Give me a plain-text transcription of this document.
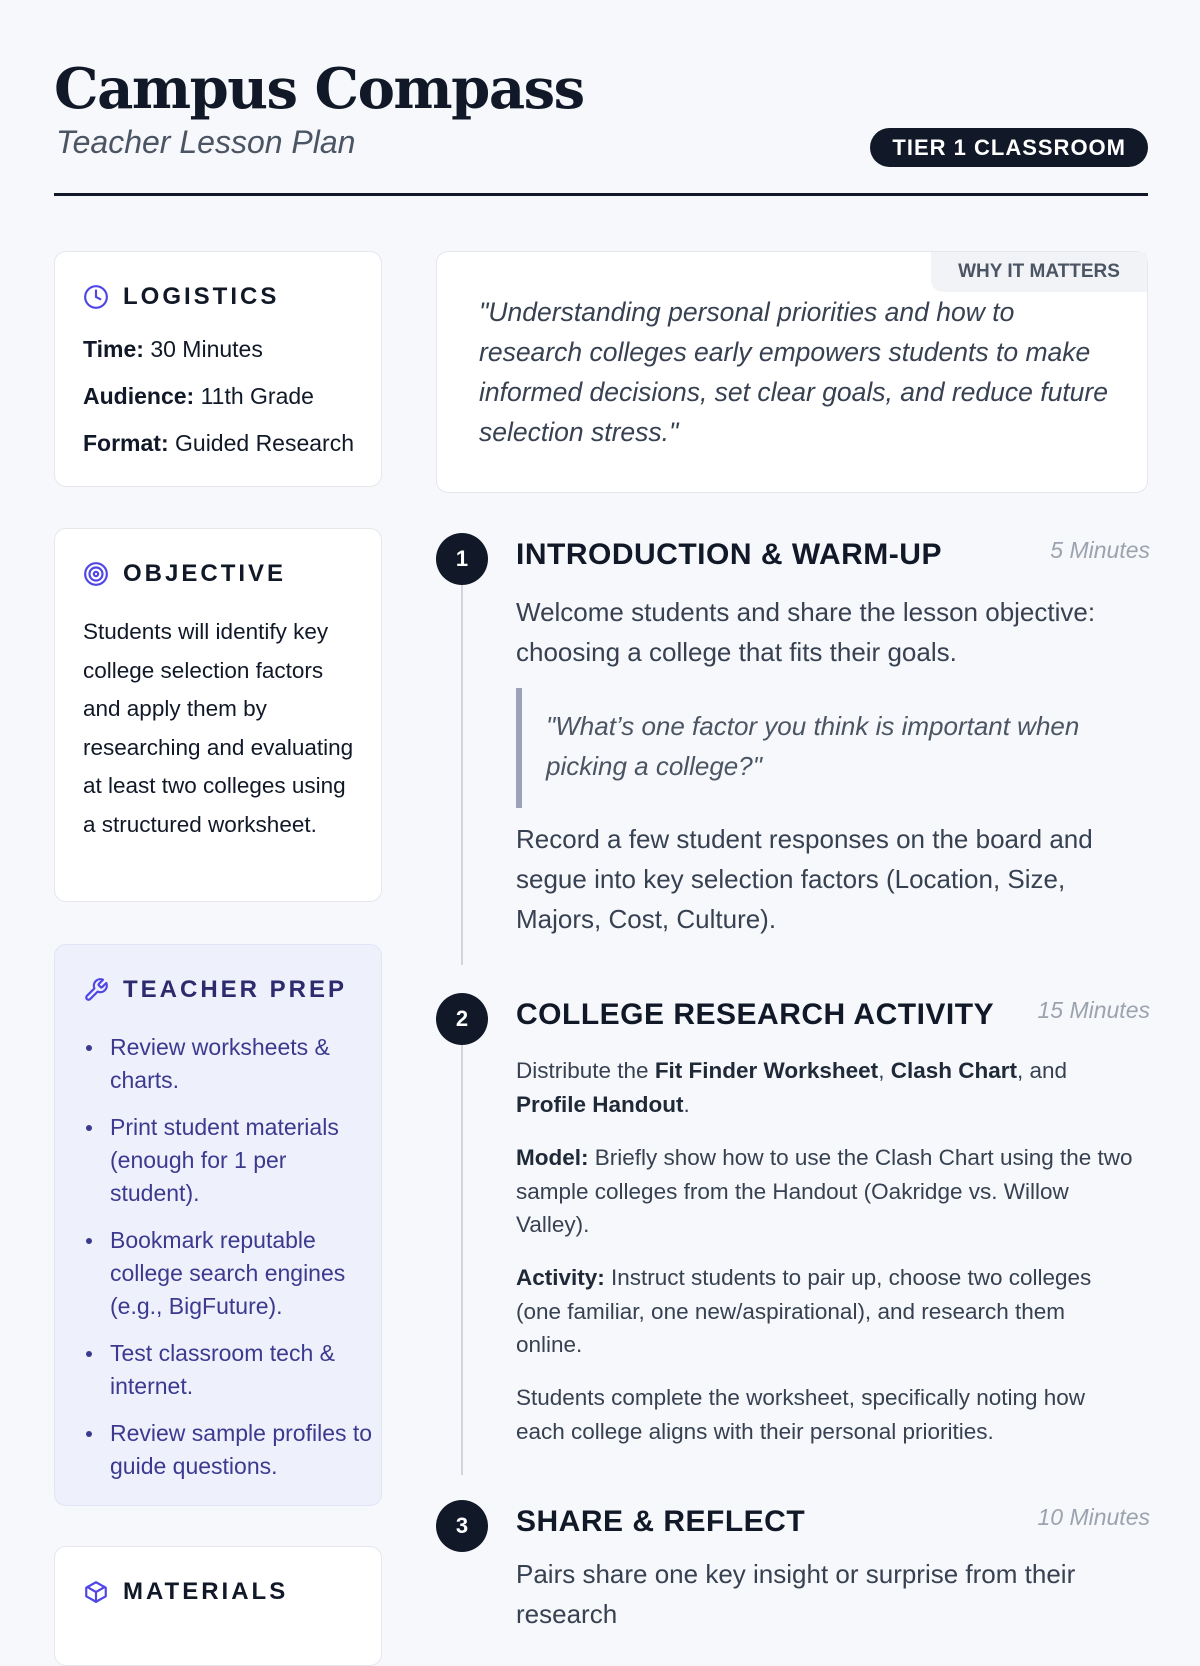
Campus Compass
Teacher Lesson Plan	TIER 1 CLASSROOM
LOGISTICS
Time: 30 Minutes
Audience: 11th Grade
Format: Guided Research
OBJECTIVE
Students will identify key college selection factors and apply them by researching and evaluating at least two colleges using a structured worksheet.
TEACHER PREP
Review worksheets & charts.
Print student materials (enough for 1 per student).
Bookmark reputable college search engines (e.g., BigFuture).
Test classroom tech & internet.
Review sample profiles to guide questions.
MATERIALS
WHY IT MATTERS
"Understanding personal priorities and how to research colleges early empowers students to make informed decisions, set clear goals, and reduce future selection stress."
1	INTRODUCTION & WARM-UP	5 Minutes
Welcome students and share the lesson objective: choosing a college that fits their goals.
"What’s one factor you think is important when picking a college?"
Record a few student responses on the board and segue into key selection factors (Location, Size, Majors, Cost, Culture).
2	COLLEGE RESEARCH ACTIVITY 15 Minutes
Distribute the Fit Finder Worksheet, Clash Chart, and Profile Handout.
Model: Briefly show how to use the Clash Chart using the two sample colleges from the Handout (Oakridge vs. Willow Valley).
Activity: Instruct students to pair up, choose two colleges (one familiar, one new/aspirational), and research them online.
Students complete the worksheet, specifically noting how each college aligns with their personal priorities.
3	SHARE & REFLECT	10 Minutes
Pairs share one key insight or surprise from their research
